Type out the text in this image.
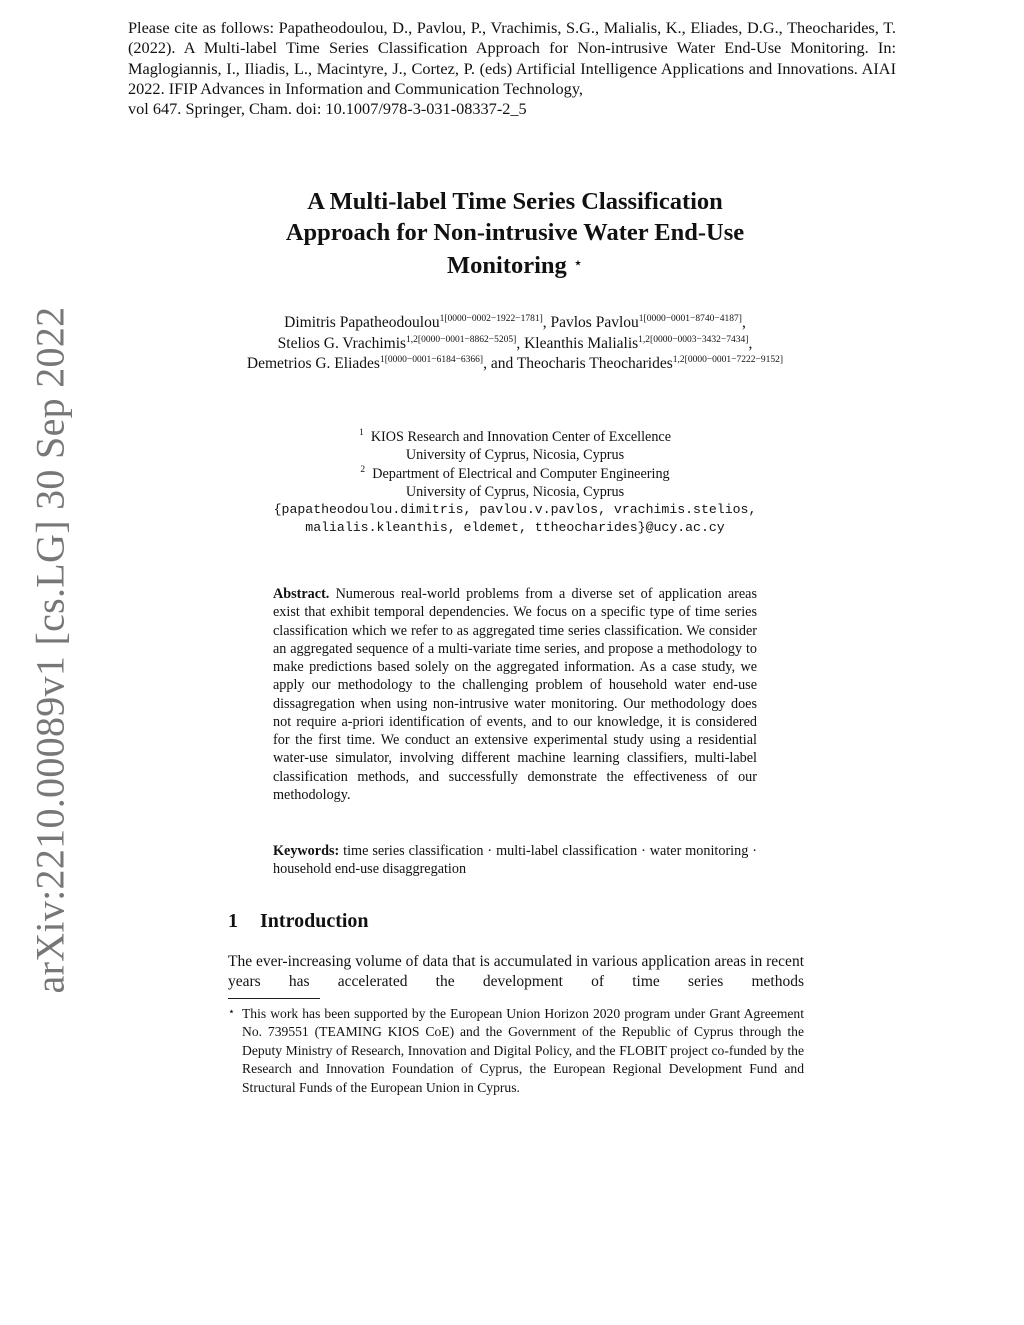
Please cite as follows: Papatheodoulou, D., Pavlou, P., Vrachimis, S.G., Malialis, K., Eliades, D.G., Theocharides, T. (2022). A Multi-label Time Series Classification Approach for Non-intrusive Water End-Use Monitoring. In: Maglogiannis, I., Iliadis, L., Macintyre, J., Cortez, P. (eds) Artificial Intelligence Applications and Innovations. AIAI 2022. IFIP Advances in Information and Communication Technology,
vol 647. Springer, Cham. doi: 10.1007/978-3-031-08337-2_5
arXiv:2210.00089v1 [cs.LG] 30 Sep 2022
A Multi-label Time Series Classification
Approach for Non-intrusive Water End-Use
Monitoring ⋆
Dimitris Papatheodoulou$^{1[0000-0002-1922-1781]}$, Pavlos Pavlou$^{1[0000-0001-8740-4187]}$,
Stelios G. Vrachimis$^{1,2[0000-0001-8862-5205]}$, Kleanthis Malialis$^{1,2[0000-0003-3432-7434]}$,
Demetrios G. Eliades$^{1[0000-0001-6184-6366]}$, and Theocharis Theocharides$^{1,2[0000-0001-7222-9152]}$
$^1$ KIOS Research and Innovation Center of Excellence
University of Cyprus, Nicosia, Cyprus
$^2$ Department of Electrical and Computer Engineering
University of Cyprus, Nicosia, Cyprus
{papatheodoulou.dimitris, pavlou.v.pavlos, vrachimis.stelios,
malialis.kleanthis, eldemet, ttheocharides}@ucy.ac.cy

Abstract. Numerous real-world problems from a diverse set of application areas exist that exhibit temporal dependencies. We focus on a specific type of time series classification which we refer to as aggregated time series classification. We consider an aggregated sequence of a multi-variate time series, and propose a methodology to make predictions based solely on the aggregated information. As a case study, we apply our methodology to the challenging problem of household water end-use dissagregation when using non-intrusive water monitoring. Our methodology does not require a-priori identification of events, and to our knowledge, it is considered for the first time. We conduct an extensive experimental study using a residential water-use simulator, involving different machine learning classifiers, multi-label classification methods, and successfully demonstrate the effectiveness of our methodology.

Keywords: time series classification · multi-label classification · water monitoring · household end-use disaggregation
1 Introduction

The ever-increasing volume of data that is accumulated in various application areas in recent years has accelerated the development of time series methods

⋆ This work has been supported by the European Union Horizon 2020 program under Grant Agreement No. 739551 (TEAMING KIOS CoE) and the Government of the Republic of Cyprus through the Deputy Ministry of Research, Innovation and Digital Policy, and the FLOBIT project co-funded by the Research and Innovation Foundation of Cyprus, the European Regional Development Fund and Structural Funds of the European Union in Cyprus.
